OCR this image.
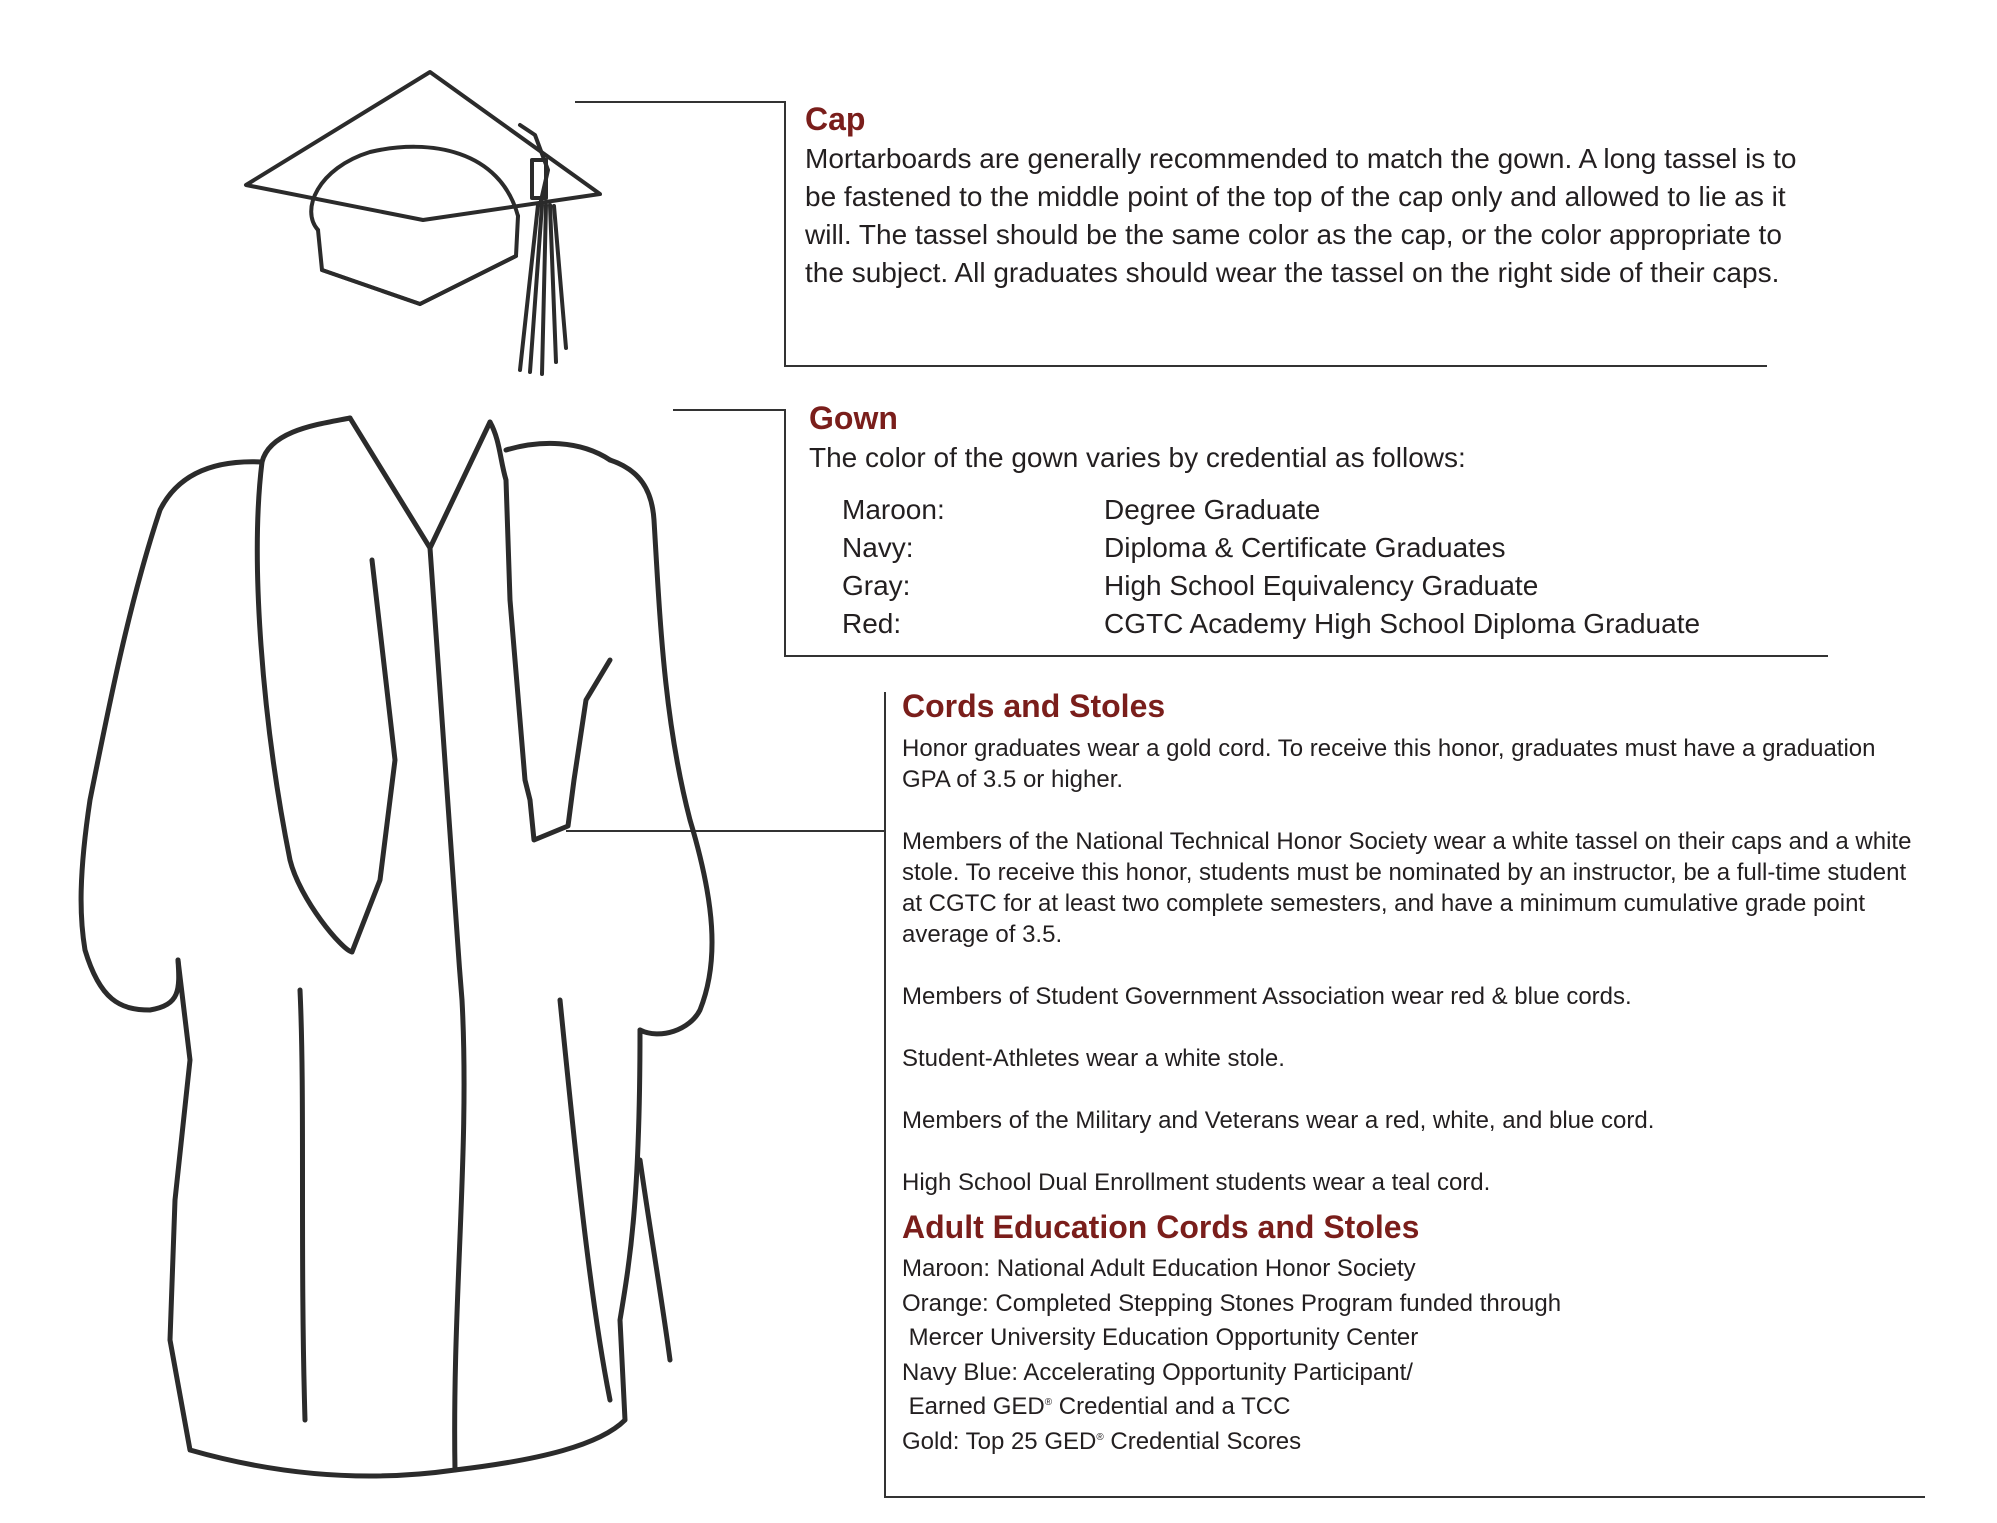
Cap
Mortarboards are generally recommended to match the gown. A long tassel is to be fastened to the middle point of the top of the cap only and allowed to lie as it will. The tassel should be the same color as the cap, or the color appropriate to the subject. All graduates should wear the tassel on the right side of their caps.
Gown
The color of the gown varies by credential as follows:
Maroon:	Degree Graduate
Navy:	Diploma & Certificate Graduates
Gray:	High School Equivalency Graduate
Red:	CGTC Academy High School Diploma Graduate
Cords and Stoles

Honor graduates wear a gold cord. To receive this honor, graduates must have a graduation GPA of 3.5 or higher.

Members of the National Technical Honor Society wear a white tassel on their caps and a white stole. To receive this honor, students must be nominated by an instructor, be a full-time student at CGTC for at least two complete semesters, and have a minimum cumulative grade point average of 3.5.

Members of Student Government Association wear red & blue cords.

Student-Athletes wear a white stole.

Members of the Military and Veterans wear a red, white, and blue cord.

High School Dual Enrollment students wear a teal cord.

Adult Education Cords and Stoles
Maroon: National Adult Education Honor Society
Orange: Completed Stepping Stones Program funded through
Mercer University Education Opportunity Center
Navy Blue: Accelerating Opportunity Participant/
Earned GED® Credential and a TCC
Gold: Top 25 GED® Credential Scores
